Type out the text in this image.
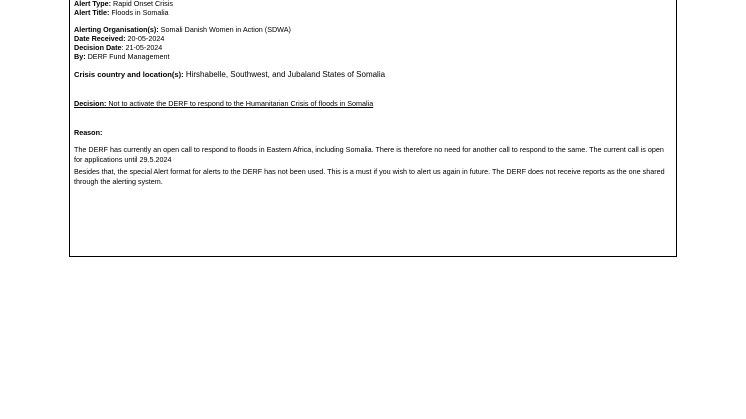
Alert Type: Rapid Onset Crisis
Alert Title: Floods in Somalia
Alerting Organisation(s): Somali Danish Women in Action (SDWA)
Date Received: 20-05-2024
Decision Date: 21-05-2024
By: DERF Fund Management
Crisis country and location(s): Hirshabelle, Southwest, and Jubaland States of Somalia
Decision: Not to activate the DERF to respond to the Humanitarian Crisis of floods in Somalia
Reason:
The DERF has currently an open call to respond to floods in Eastern Africa, including Somalia. There is therefore no need for another call to respond to the same. The current call is open for applications until 29.5.2024
Besides that, the special Alert format for alerts to the DERF has not been used. This is a must if you wish to alert us again in future. The DERF does not receive reports as the one shared through the alerting system.
